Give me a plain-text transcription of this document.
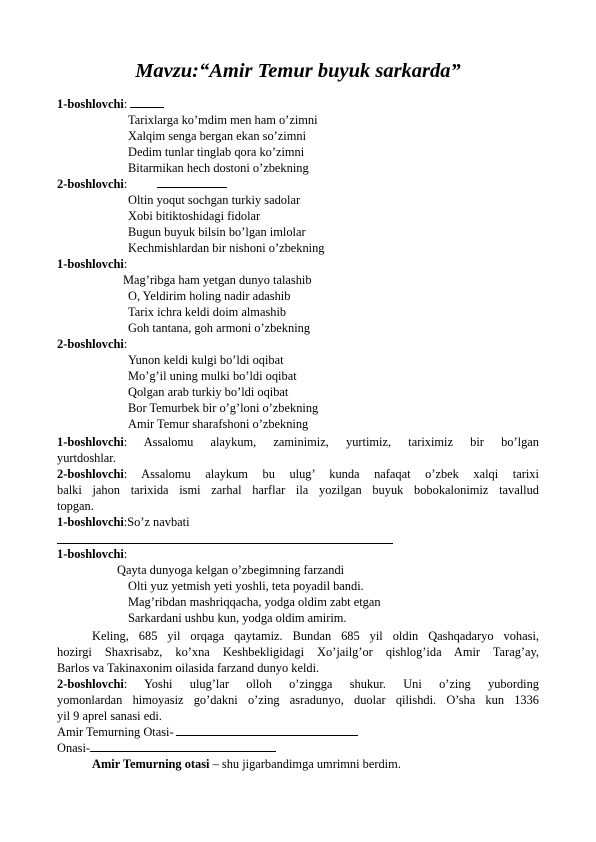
Mavzu:“Amir Temur buyuk sarkarda”
1-boshlovchi:
Tarixlarga ko’mdim men ham o’zimni
Xalqim senga bergan ekan so’zimni
Dedim tunlar tinglab qora ko’zimni
Bitarmikan hech dostoni o’zbekning
2-boshlovchi:
Oltin yoqut sochgan turkiy sadolar
Xobi bitiktoshidagi fidolar
Bugun buyuk bilsin bo’lgan imlolar
Kechmishlardan bir nishoni o’zbekning
1-boshlovchi:
Mag’ribga ham yetgan dunyo talashib
O, Yeldirim holing nadir adashib
Tarix ichra keldi doim almashib
Goh tantana, goh armoni o’zbekning
2-boshlovchi:
Yunon keldi kulgi bo’ldi oqibat
Mo’g’il uning mulki bo’ldi oqibat
Qolgan arab turkiy bo’ldi oqibat
Bor Temurbek bir o’g’loni o’zbekning
Amir Temur sharafshoni o’zbekning
1-boshlovchi: Assalomu alaykum, zaminimiz, yurtimiz, tariximiz bir bo’lgan
yurtdoshlar.
2-boshlovchi: Assalomu alaykum bu ulug’ kunda nafaqat o’zbek xalqi tarixi
balki jahon tarixida ismi zarhal harflar ila yozilgan buyuk bobokalonimiz tavallud
topgan.
1-boshlovchi:So’z navbati
1-boshlovchi:
Qayta dunyoga kelgan o’zbegimning farzandi
Olti yuz yetmish yeti yoshli, teta poyadil bandi.
Mag’ribdan mashriqqacha, yodga oldim zabt etgan
Sarkardani ushbu kun, yodga oldim amirim.
Keling, 685 yil orqaga qaytamiz. Bundan 685 yil oldin Qashqadaryo vohasi,
hozirgi Shaxrisabz, ko’xna Keshbekligidagi Xo’jailg’or qishlog’ida Amir Tarag’ay,
Barlos va Takinaxonim oilasida farzand dunyo keldi.
2-boshlovchi: Yoshi ulug’lar olloh o’zingga shukur. Uni o’zing yubording
yomonlardan himoyasiz go’dakni o’zing asradunyo, duolar qilishdi. O’sha kun 1336
yil 9 aprel sanasi edi.
Amir Temurning Otasi-
Onasi-
Amir Temurning otasi – shu jigarbandimga umrimni berdim.
